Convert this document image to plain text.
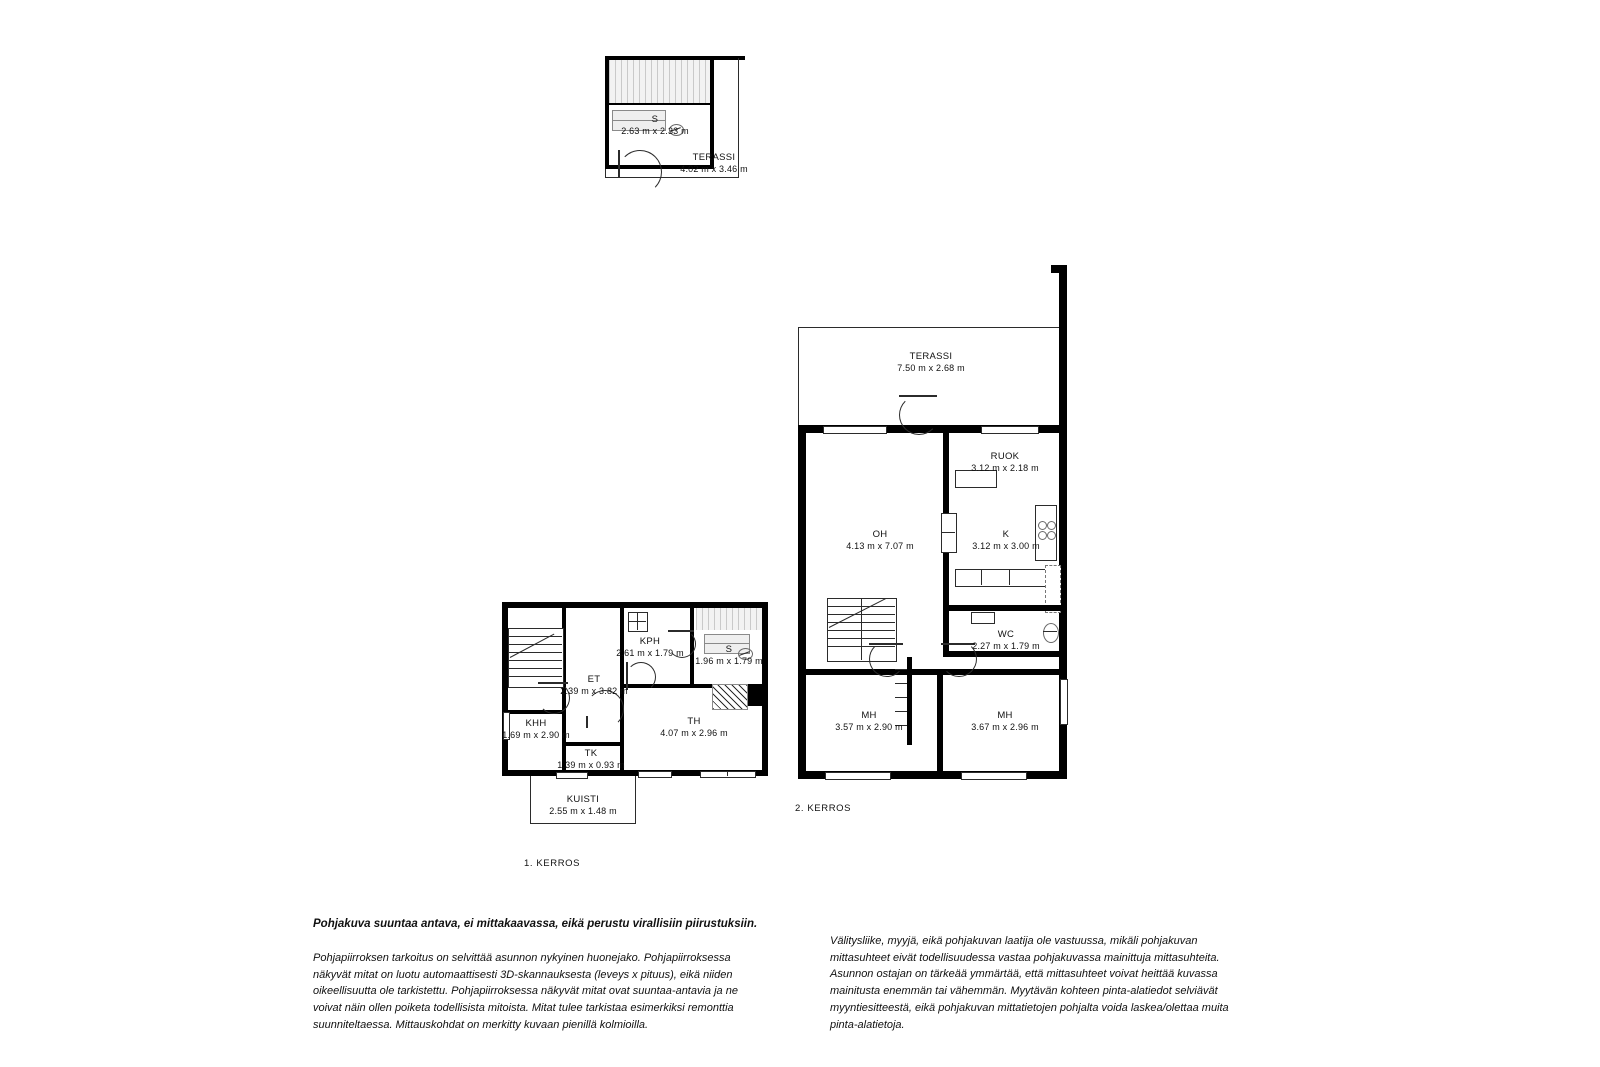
S
2.63 m x 2.33 m
TERASSI
4.02 m x 3.46 m
TERASSI
7.50 m x 2.68 m
RUOK
3.12 m x 2.18 m
OH
4.13 m x 7.07 m
K
3.12 m x 3.00 m
WC
2.27 m x 1.79 m
MH
3.57 m x 2.90 m
MH
3.67 m x 2.96 m
2. KERROS
KPH
2.61 m x 1.79 m	S
1.96 m x 1.79 m
ET
2.39 m x 3.82 m
KHH
1.69 m x 2.90 m
TH
4.07 m x 2.96 m
TK
1.39 m x 0.93 m
KUISTI
2.55 m x 1.48 m
1. KERROS
Pohjakuva suuntaa antava, ei mittakaavassa, eikä perustu virallisiin piirustuksiin.
Pohjapiirroksen tarkoitus on selvittää asunnon nykyinen huonejako. Pohjapiirroksessa näkyvät mitat on luotu automaattisesti 3D-skannauksesta (leveys x pituus), eikä niiden oikeellisuutta ole tarkistettu. Pohjapiirroksessa näkyvät mitat ovat suuntaa-antavia ja ne voivat näin ollen poiketa todellisista mitoista. Mitat tulee tarkistaa esimerkiksi remonttia suunniteltaessa. Mittauskohdat on merkitty kuvaan pienillä kolmioilla.
Välitysliike, myyjä, eikä pohjakuvan laatija ole vastuussa, mikäli pohjakuvan mittasuhteet eivät todellisuudessa vastaa pohjakuvassa mainittuja mittasuhteita. Asunnon ostajan on tärkeää ymmärtää, että mittasuhteet voivat heittää kuvassa mainitusta enemmän tai vähemmän. Myytävän kohteen pinta-alatiedot selviävät myyntiesitteestä, eikä pohjakuvan mittatietojen pohjalta voida laskea/olettaa muita pinta-alatietoja.
